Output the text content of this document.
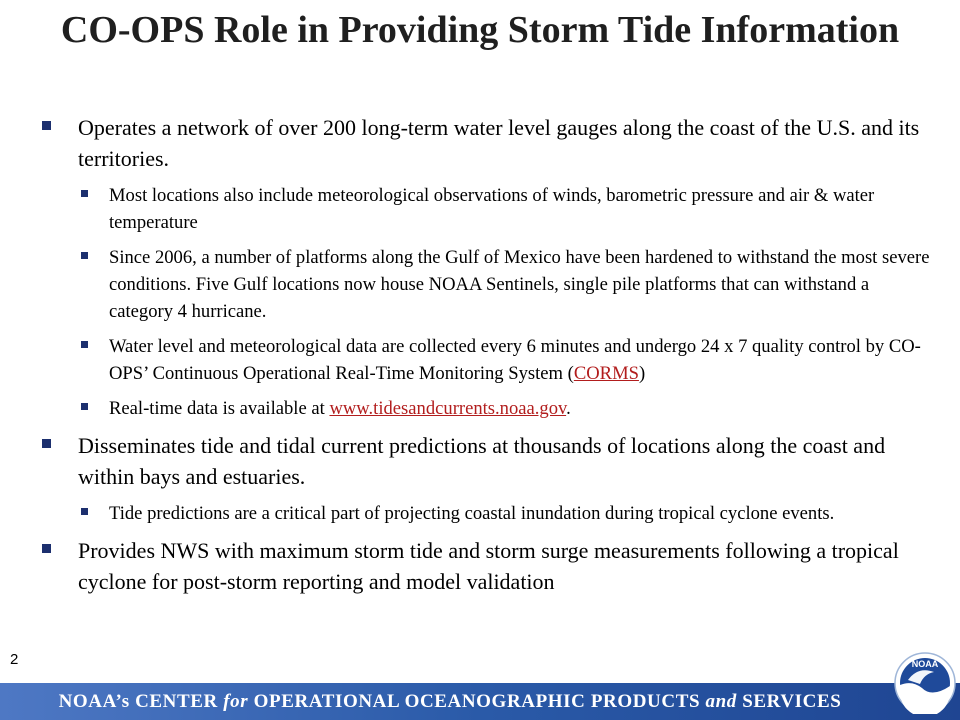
CO-OPS Role in Providing Storm Tide Information
Operates a network of over 200 long-term water level gauges along the coast of the U.S. and its territories.
Most locations also include meteorological observations of winds, barometric pressure and air & water temperature
Since 2006, a number of platforms along the Gulf of Mexico have been hardened to withstand the most severe conditions. Five Gulf locations now house NOAA Sentinels, single pile platforms that can withstand a category 4 hurricane.
Water level and meteorological data are collected every 6 minutes and undergo 24 x 7 quality control by CO-OPS’ Continuous Operational Real-Time Monitoring System (CORMS)
Real-time data is available at www.tidesandcurrents.noaa.gov.
Disseminates tide and tidal current predictions at thousands of locations along the coast and within bays and estuaries.
Tide predictions are a critical part of projecting coastal inundation during tropical cyclone events.
Provides NWS with maximum storm tide and storm surge measurements following a tropical cyclone for post-storm reporting and model validation
2
NOAA’s CENTER for OPERATIONAL OCEANOGRAPHIC PRODUCTS and SERVICES
NOAA
